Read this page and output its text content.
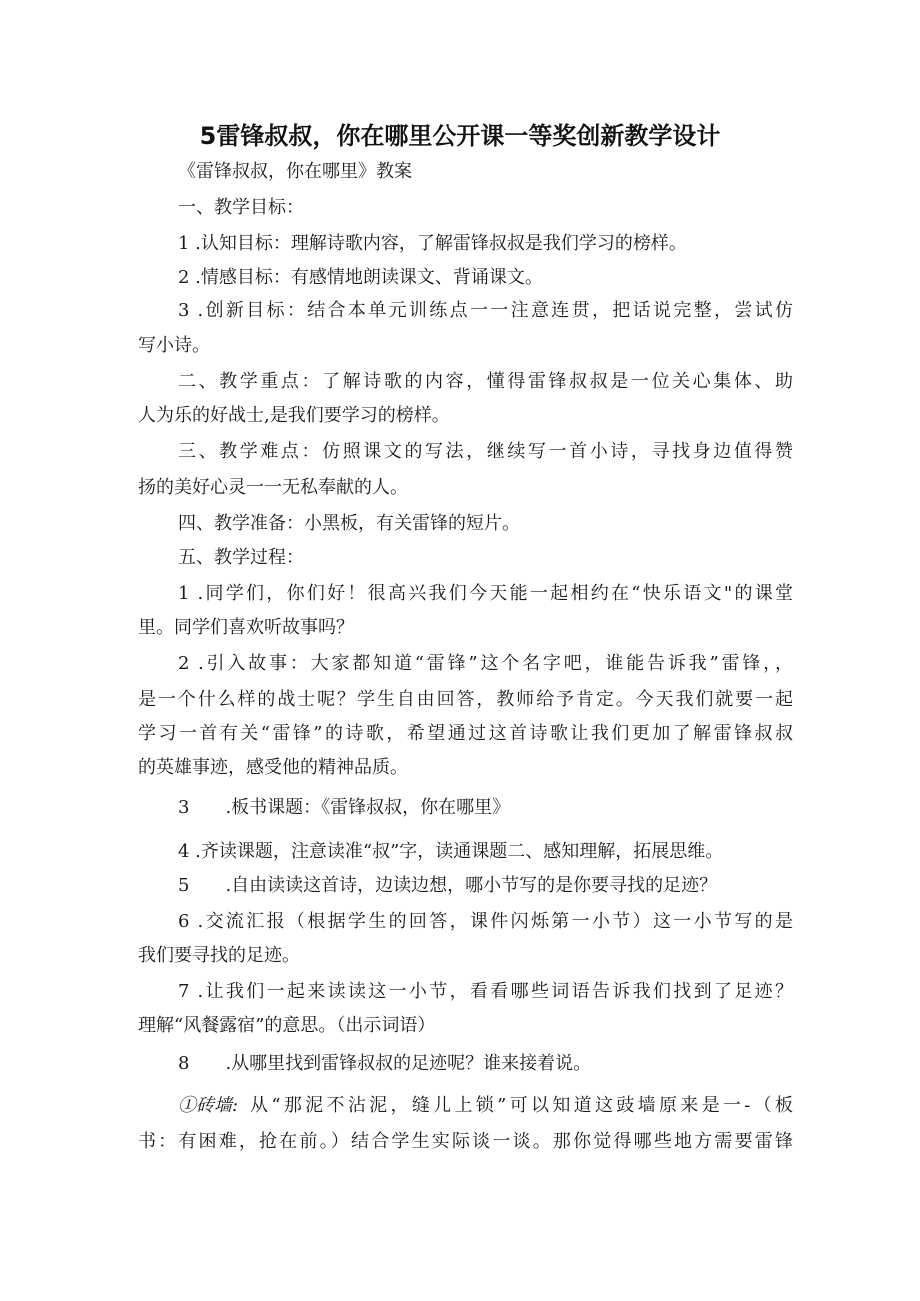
5雷锋叔叔，你在哪里公开课一等奖创新教学设计
《雷锋叔叔，你在哪里》教案
一、教学目标：
1 .认知目标：理解诗歌内容，了解雷锋叔叔是我们学习的榜样。
2 .情感目标：有感情地朗读课文、背诵课文。
3 .创新目标：结合本单元训练点一一注意连贯，把话说完整，尝试仿
写小诗。
二、教学重点：了解诗歌的内容，懂得雷锋叔叔是一位关心集体、助
人为乐的好战士,是我们要学习的榜样。
三、教学难点：仿照课文的写法，继续写一首小诗，寻找身边值得赞
扬的美好心灵一一无私奉献的人。
四、教学准备：小黑板，有关雷锋的短片。
五、教学过程：
1 .同学们，你们好！很高兴我们今天能一起相约在“快乐语文"的课堂
里。同学们喜欢听故事吗？
2 .引入故事：大家都知道“雷锋”这个名字吧，谁能告诉我”雷锋，，
是一个什么样的战士呢？学生自由回答，教师给予肯定。今天我们就要一起
学习一首有关“雷锋”的诗歌，希望通过这首诗歌让我们更加了解雷锋叔叔
的英雄事迹，感受他的精神品质。
3　　.板书课题：《雷锋叔叔，你在哪里》
4 .齐读课题，注意读准“叔”字，读通课题二、感知理解，拓展思维。
5　　.自由读读这首诗，边读边想，哪小节写的是你要寻找的足迹？
6 .交流汇报（根据学生的回答，课件闪烁第一小节）这一小节写的是
我们要寻找的足迹。
7 .让我们一起来读读这一小节，看看哪些词语告诉我们找到了足迹？
理解“风餐露宿”的意思。（出示词语）
8　　.从哪里找到雷锋叔叔的足迹呢？谁来接着说。
①砖墙: 从“那泥不沾泥，缝儿上锁”可以知道这豉墙原来是一-（板
书：有困难，抢在前。）结合学生实际谈一谈。那你觉得哪些地方需要雷锋
